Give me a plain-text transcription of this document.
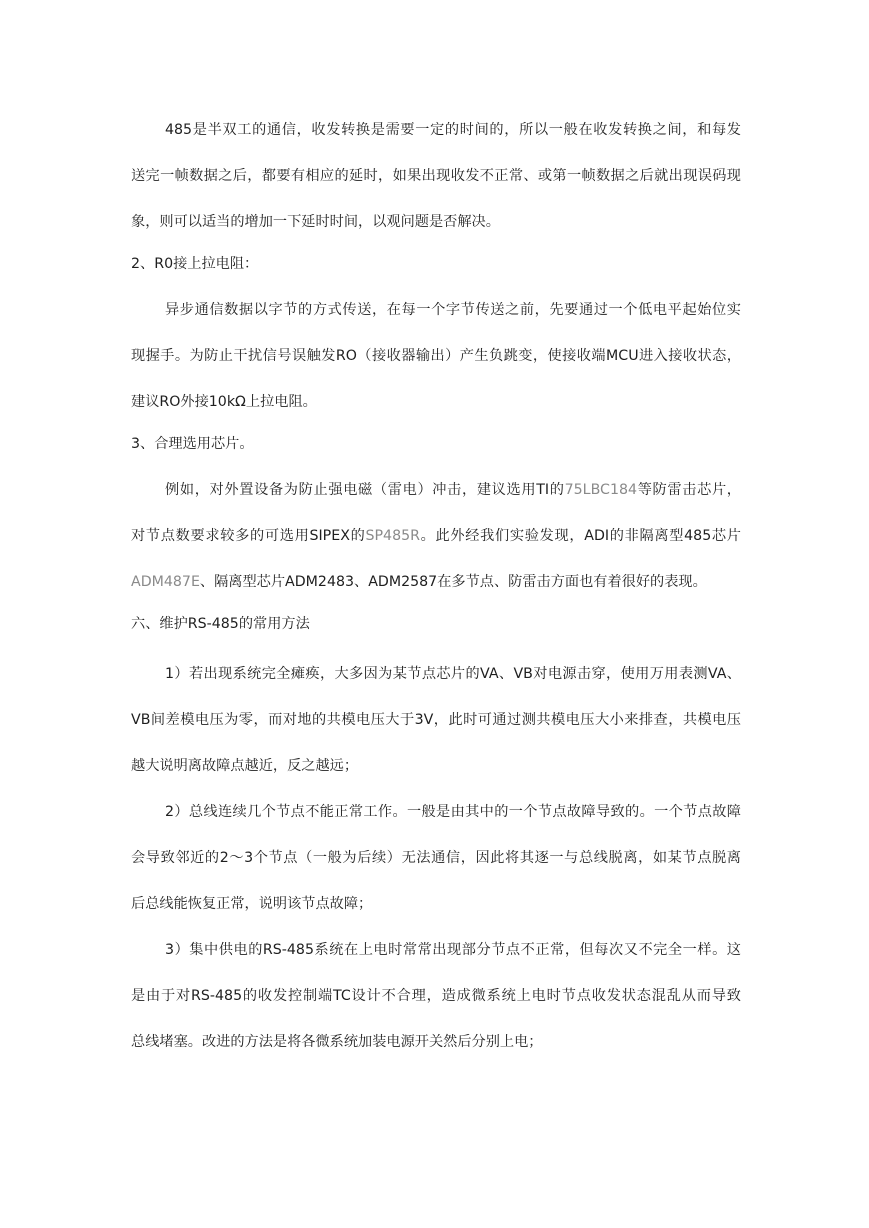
485是半双工的通信，收发转换是需要一定的时间的，所以一般在收发转换之间，和每发
送完一帧数据之后，都要有相应的延时，如果出现收发不正常、或第一帧数据之后就出现误码现
象，则可以适当的增加一下延时时间，以观问题是否解决。
2、R0接上拉电阻：
异步通信数据以字节的方式传送，在每一个字节传送之前，先要通过一个低电平起始位实
现握手。为防止干扰信号误触发RO（接收器输出）产生负跳变，使接收端MCU进入接收状态，
建议RO外接10kΩ上拉电阻。
3、合理选用芯片。
例如，对外置设备为防止强电磁（雷电）冲击，建议选用TI的75LBC184等防雷击芯片，
对节点数要求较多的可选用SIPEX的SP485R。此外经我们实验发现，ADI的非隔离型485芯片
ADM487E、隔离型芯片ADM2483、ADM2587在多节点、防雷击方面也有着很好的表现。
六、维护RS-485的常用方法
1）若出现系统完全瘫痪，大多因为某节点芯片的VA、VB对电源击穿，使用万用表测VA、
VB间差模电压为零，而对地的共模电压大于3V，此时可通过测共模电压大小来排查，共模电压
越大说明离故障点越近，反之越远；
2）总线连续几个节点不能正常工作。一般是由其中的一个节点故障导致的。一个节点故障
会导致邻近的2〜3个节点（一般为后续）无法通信，因此将其逐一与总线脱离，如某节点脱离
后总线能恢复正常，说明该节点故障；
3）集中供电的RS-485系统在上电时常常出现部分节点不正常，但每次又不完全一样。这
是由于对RS-485的收发控制端TC设计不合理，造成微系统上电时节点收发状态混乱从而导致
总线堵塞。改进的方法是将各微系统加装电源开关然后分别上电；
